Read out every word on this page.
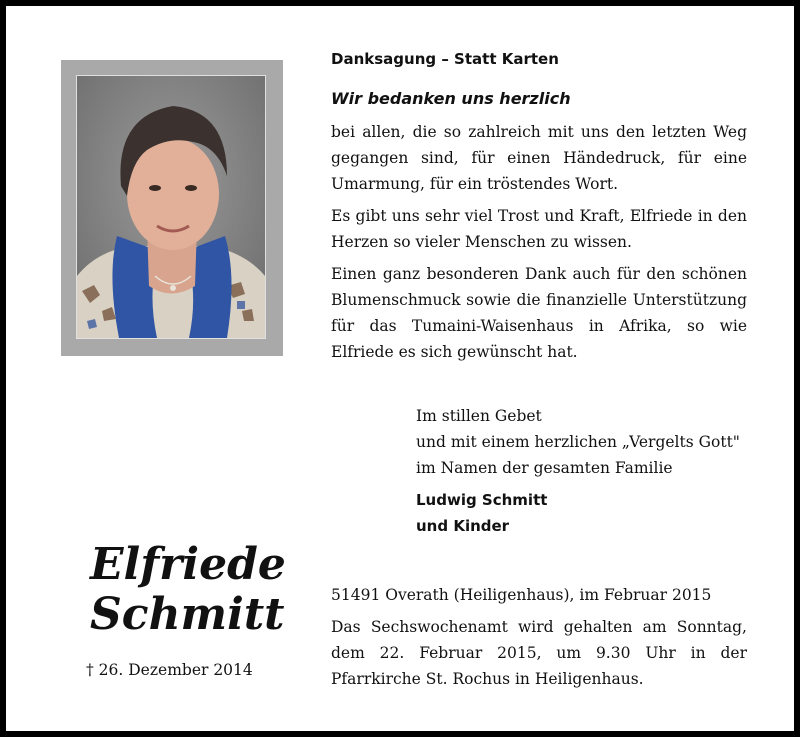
Danksagung – Statt Karten
Wir bedanken uns herzlich

bei allen, die so zahlreich mit uns den letzten Weg gegangen sind, für einen Händedruck, für eine Umarmung, für ein tröstendes Wort.

Es gibt uns sehr viel Trost und Kraft, Elfriede in den Herzen so vieler Menschen zu wissen.

Einen ganz besonderen Dank auch für den schönen Blumenschmuck sowie die finanzielle Unterstützung für das Tumaini-Waisenhaus in Afrika, so wie Elfriede es sich gewünscht hat.

Im stillen Gebet
und mit einem herzlichen „Vergelts Gott"
im Namen der gesamten Familie
Ludwig Schmitt
und Kinder
Elfriede
Schmitt
† 26. Dezember 2014
51491 Overath (Heiligenhaus), im Februar 2015
Das Sechswochenamt wird gehalten am Sonntag, dem 22. Februar 2015, um 9.30 Uhr in der Pfarrkirche St. Rochus in Heiligenhaus.
